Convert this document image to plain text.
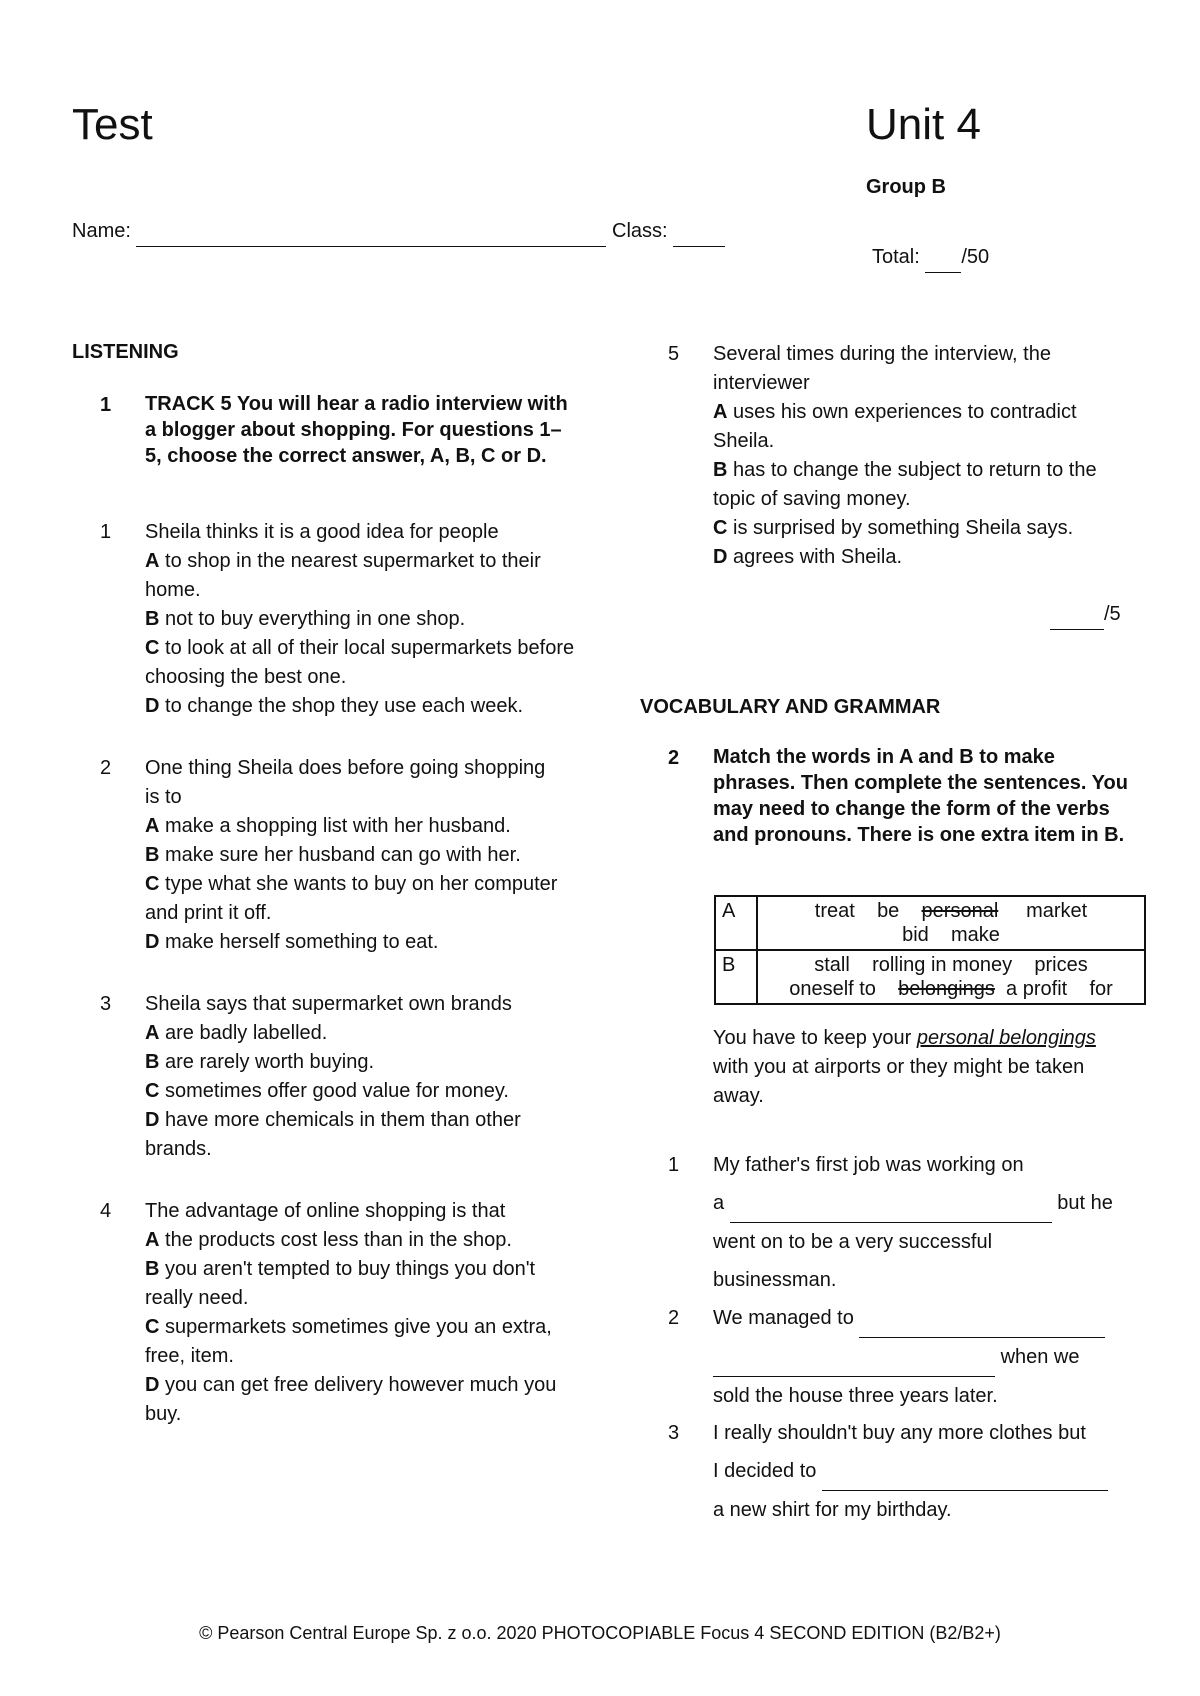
Test	Unit 4
Group B
Name:	Class:
Total: /50
LISTENING
1 TRACK 5 You will hear a radio interview with a blogger about shopping. For questions 1–5, choose the correct answer, A, B, C or D.
1 Sheila thinks it is a good idea for people
A to shop in the nearest supermarket to their home.
B not to buy everything in one shop.
C to look at all of their local supermarkets before choosing the best one.
D to change the shop they use each week.
2 One thing Sheila does before going shopping is to
A make a shopping list with her husband.
B make sure her husband can go with her.
C type what she wants to buy on her computer and print it off.
D make herself something to eat.
3 Sheila says that supermarket own brands
A are badly labelled.
B are rarely worth buying.
C sometimes offer good value for money.
D have more chemicals in them than other brands.
4 The advantage of online shopping is that
A the products cost less than in the shop.
B you aren't tempted to buy things you don't really need.
C supermarkets sometimes give you an extra, free, item.
D you can get free delivery however much you buy.
5 Several times during the interview, the interviewer
A uses his own experiences to contradict Sheila.
B has to change the subject to return to the topic of saving money.
C is surprised by something Sheila says.
D agrees with Sheila.
/5
VOCABULARY AND GRAMMAR
2 Match the words in A and B to make phrases. Then complete the sentences. You may need to change the form of the verbs and pronouns. There is one extra item in B.
A	treat be personal market
bid make
B	stall rolling in money prices
oneself to belongings a profit for
You have to keep your personal belongings with you at airports or they might be taken away.
1 My father's first job was working on
a	but he
went on to be a very successful
businessman.
2 We managed to
when we
sold the house three years later.
3 I really shouldn't buy any more clothes but
I decided to
a new shirt for my birthday.
© Pearson Central Europe Sp. z o.o. 2020 PHOTOCOPIABLE Focus 4 SECOND EDITION (B2/B2+)
